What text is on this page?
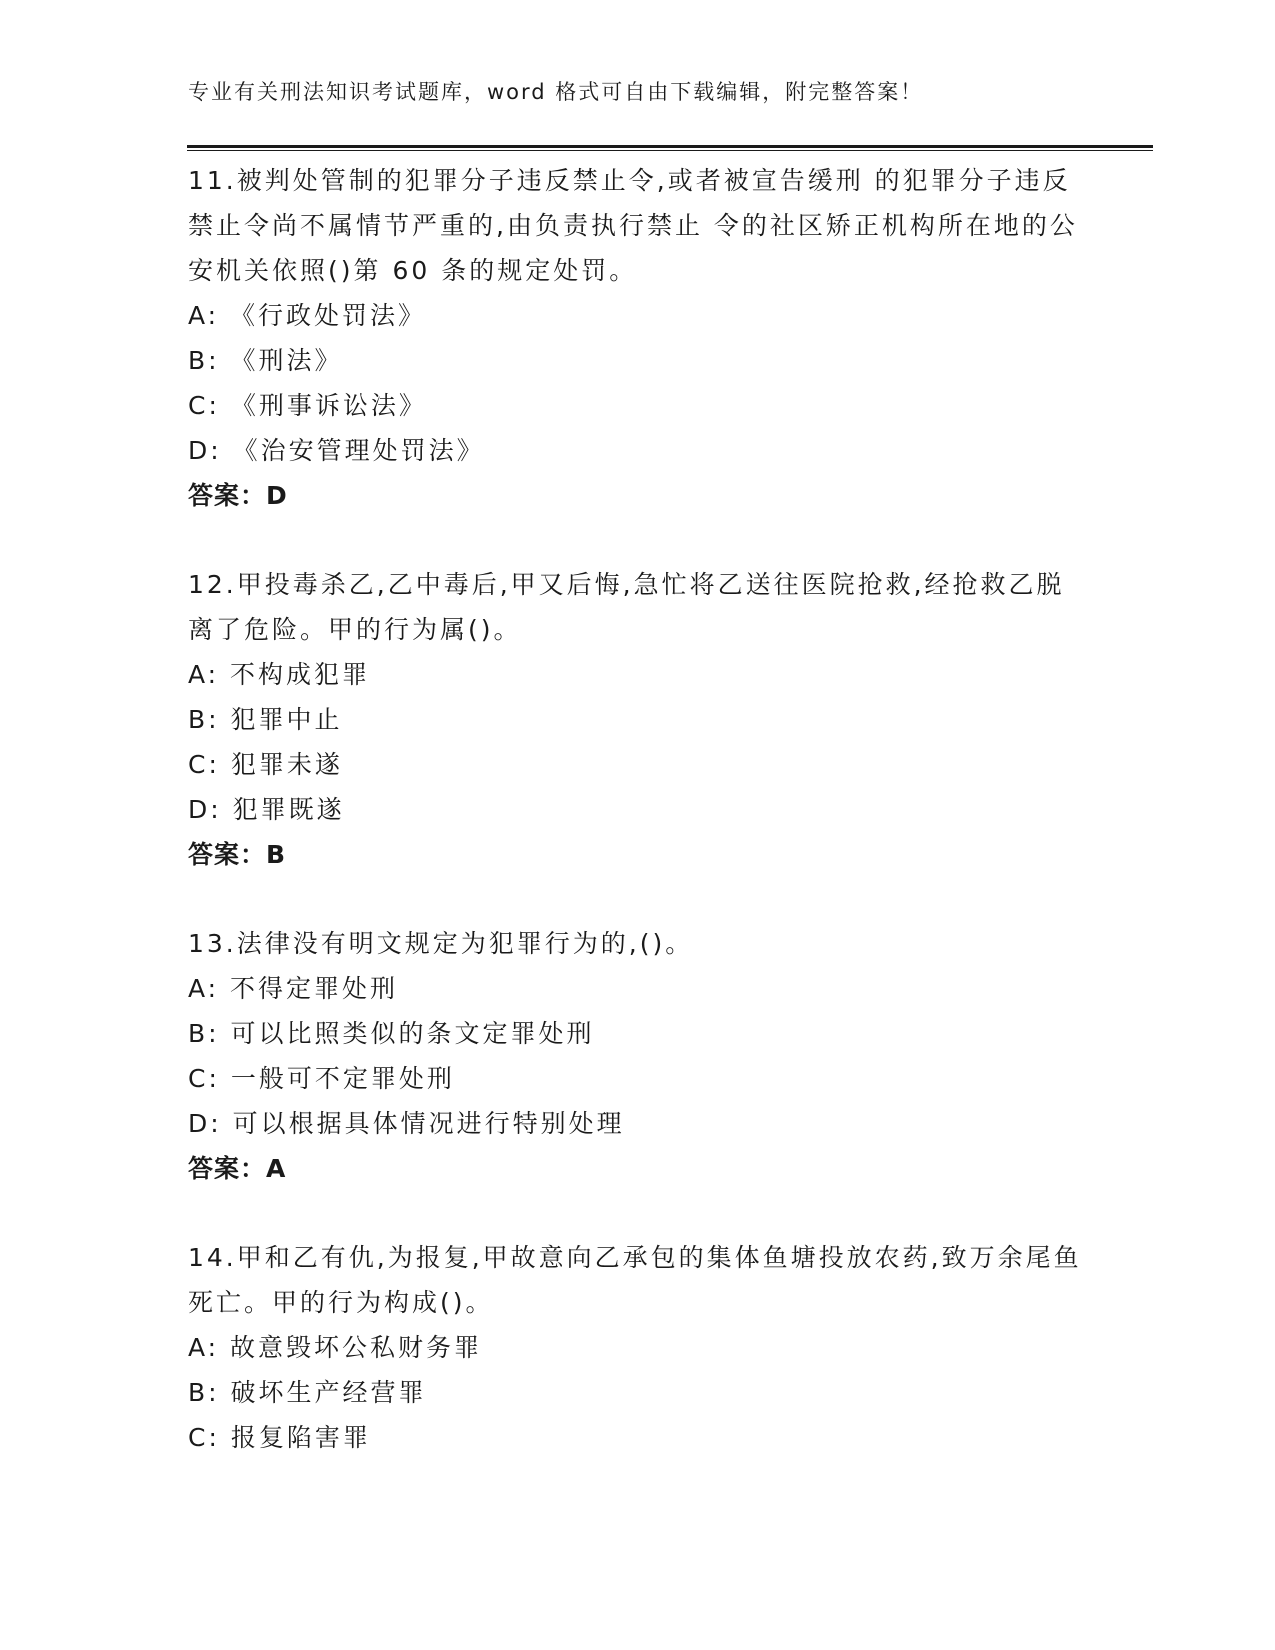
专业有关刑法知识考试题库，word 格式可自由下载编辑，附完整答案！

11.被判处管制的犯罪分子违反禁止令,或者被宣告缓刑 的犯罪分子违反禁止令尚不属情节严重的,由负责执行禁止 令的社区矫正机构所在地的公安机关依照()第 60 条的规定处罚。

A: 《行政处罚法》
B: 《刑法》
C: 《刑事诉讼法》
D: 《治安管理处罚法》
答案：D

12.甲投毒杀乙,乙中毒后,甲又后悔,急忙将乙送往医院抢救,经抢救乙脱离了危险。甲的行为属()。

A: 不构成犯罪
B: 犯罪中止
C: 犯罪未遂
D: 犯罪既遂
答案：B

13.法律没有明文规定为犯罪行为的,()。

A: 不得定罪处刑
B: 可以比照类似的条文定罪处刑
C: 一般可不定罪处刑
D: 可以根据具体情况进行特别处理
答案：A

14.甲和乙有仇,为报复,甲故意向乙承包的集体鱼塘投放农药,致万余尾鱼死亡。甲的行为构成()。

A: 故意毁坏公私财务罪
B: 破坏生产经营罪
C: 报复陷害罪
